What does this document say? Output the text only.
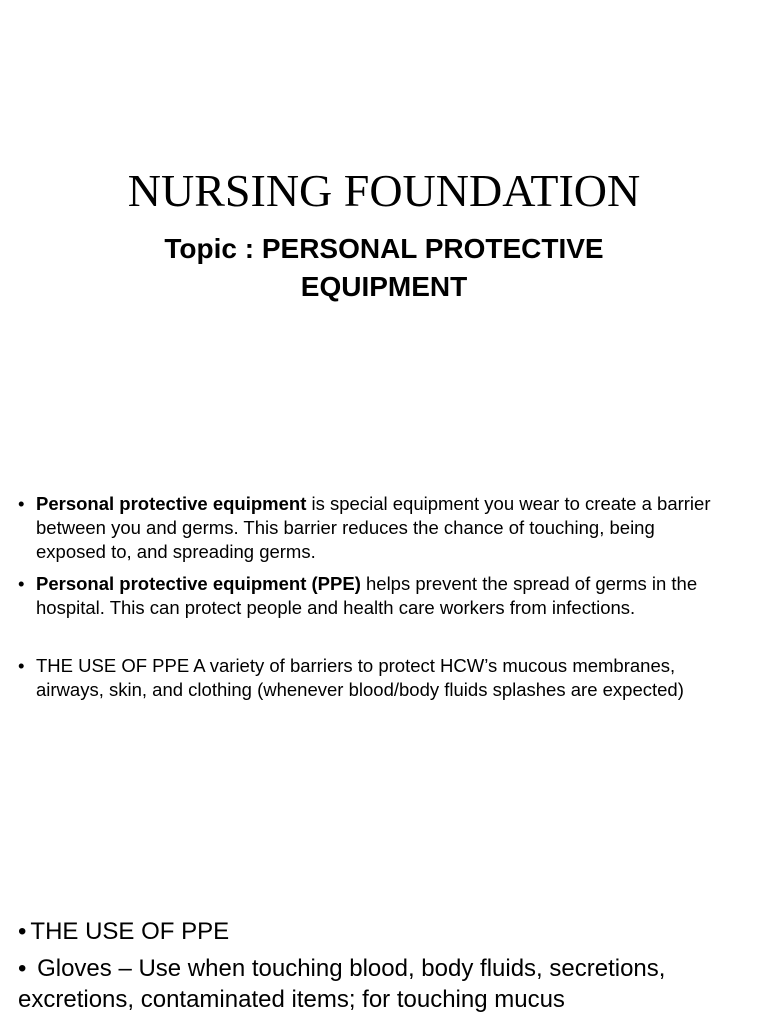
NURSING FOUNDATION
Topic : PERSONAL PROTECTIVE
EQUIPMENT
• Personal protective equipment is special equipment you wear to create a barrier between you and germs. This barrier reduces the chance of touching, being exposed to, and spreading germs.
• Personal protective equipment (PPE) helps prevent the spread of germs in the hospital. This can protect people and health care workers from infections.
• THE USE OF PPE A variety of barriers to protect HCW’s mucous membranes, airways, skin, and clothing (whenever blood/body fluids splashes are expected)
• THE USE OF PPE
• Gloves – Use when touching blood, body fluids, secretions, excretions, contaminated items; for touching mucus
